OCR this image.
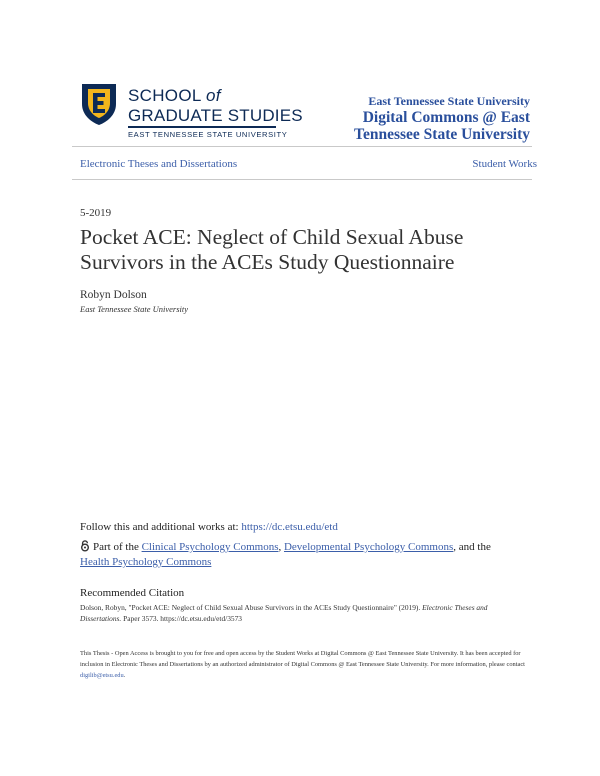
SCHOOL of
GRADUATE STUDIES
EAST TENNESSEE STATE UNIVERSITY
East Tennessee State University
Digital Commons @ East
Tennessee State University
Electronic Theses and Dissertations	Student Works
5-2019
Pocket ACE: Neglect of Child Sexual Abuse
Survivors in the ACEs Study Questionnaire
Robyn Dolson
East Tennessee State University
Follow this and additional works at: https://dc.etsu.edu/etd
Part of the Clinical Psychology Commons, Developmental Psychology Commons, and the
Health Psychology Commons
Recommended Citation
Dolson, Robyn, "Pocket ACE: Neglect of Child Sexual Abuse Survivors in the ACEs Study Questionnaire" (2019). Electronic Theses and Dissertations. Paper 3573. https://dc.etsu.edu/etd/3573
This Thesis - Open Access is brought to you for free and open access by the Student Works at Digital Commons @ East Tennessee State University. It has been accepted for inclusion in Electronic Theses and Dissertations by an authorized administrator of Digital Commons @ East Tennessee State University. For more information, please contact digilib@etsu.edu.
